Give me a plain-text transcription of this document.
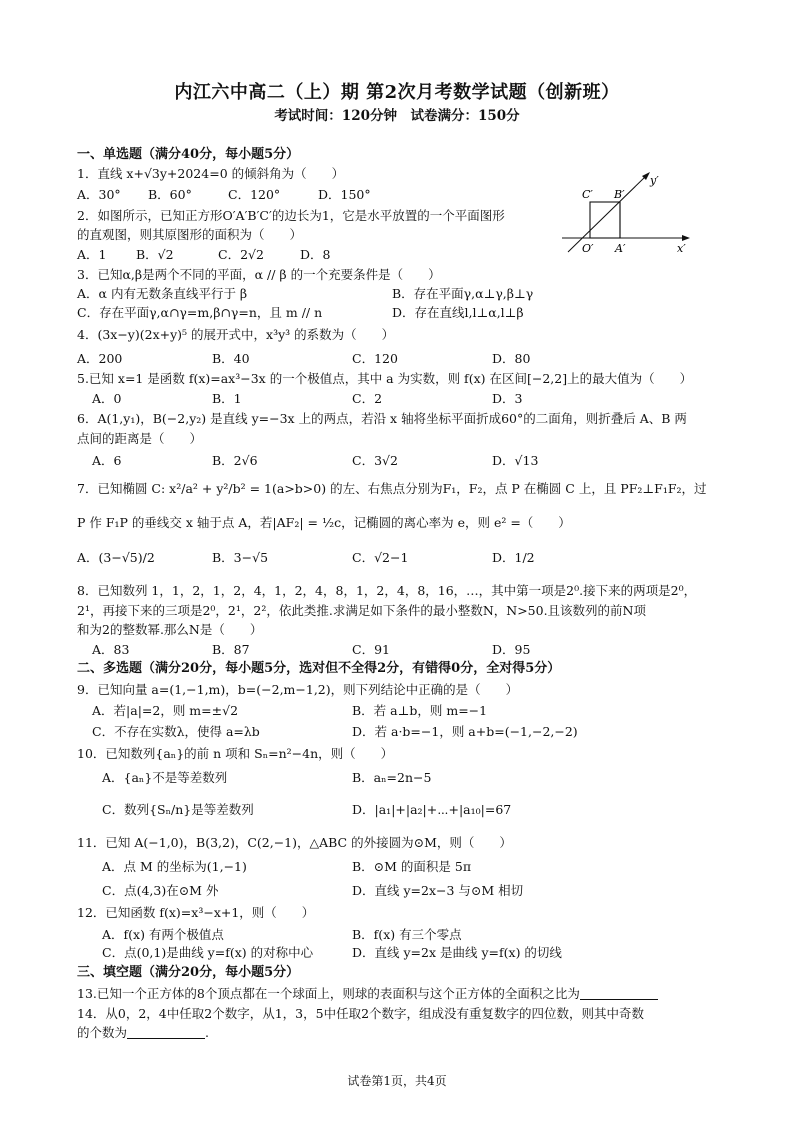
内江六中高二（上）期 第2次月考数学试题（创新班）
考试时间：120分钟　试卷满分：150分
一、单选题（满分40分，每小题5分）
1．直线 x+√3y+2024=0 的倾斜角为（　　）
A．30° B．60°	C．120°	D．150°
2．如图所示，已知正方形O′A′B′C′的边长为1，它是水平放置的一个平面图形
的直观图，则其原图形的面积为（　　）
A．1 B．√2	C．2√2	D．8
C′ B′
O′ A′	x′
y′
3．已知α,β是两个不同的平面，α // β 的一个充要条件是（　　）
A．α 内有无数条直线平行于 β	B．存在平面γ,α⊥γ,β⊥γ
C．存在平面γ,α∩γ=m,β∩γ=n，且 m // n	D．存在直线l,l⊥α,l⊥β
4．(3x−y)(2x+y)⁵ 的展开式中，x³y³ 的系数为（　　）
A．200	B．40	C．120	D．80
5.已知 x=1 是函数 f(x)=ax³−3x 的一个极值点，其中 a 为实数，则 f(x) 在区间[−2,2]上的最大值为（　　）
A．0	B．1	C．2	D．3
6．A(1,y₁)，B(−2,y₂) 是直线 y=−3x 上的两点，若沿 x 轴将坐标平面折成60°的二面角，则折叠后 A、B 两
点间的距离是（　　）
A．6	B．2√6	C．3√2	D．√13
7．已知椭圆 C: x²/a² + y²/b² = 1(a>b>0) 的左、右焦点分别为F₁，F₂，点 P 在椭圆 C 上，且 PF₂⊥F₁F₂，过
P 作 F₁P 的垂线交 x 轴于点 A，若|AF₂| = ½c，记椭圆的离心率为 e，则 e² =（　　）
A．(3−√5)/2	B．3−√5	C．√2−1	D．1/2
8．已知数列 1，1，2，1，2，4，1，2，4，8，1，2，4，8，16，…，其中第一项是2⁰.接下来的两项是2⁰，
2¹，再接下来的三项是2⁰，2¹，2²，依此类推.求满足如下条件的最小整数N，N>50.且该数列的前N项
和为2的整数幂.那么N是（　　）
A．83	B．87	C．91	D．95
二、多选题（满分20分，每小题5分，选对但不全得2分，有错得0分，全对得5分）
9．已知向量 a=(1,−1,m)，b=(−2,m−1,2)，则下列结论中正确的是（　　）
A．若|a|=2，则 m=±√2	B．若 a⊥b，则 m=−1
C．不存在实数λ，使得 a=λb	D．若 a·b=−1，则 a+b=(−1,−2,−2)
10．已知数列{aₙ}的前 n 项和 Sₙ=n²−4n，则（　　）
A．{aₙ}不是等差数列	B．aₙ=2n−5
C．数列{Sₙ/n}是等差数列	D．|a₁|+|a₂|+⋯+|a₁₀|=67
11．已知 A(−1,0)，B(3,2)，C(2,−1)，△ABC 的外接圆为⊙M，则（　　）
A．点 M 的坐标为(1,−1)	B．⊙M 的面积是 5π
C．点(4,3)在⊙M 外	D．直线 y=2x−3 与⊙M 相切
12．已知函数 f(x)=x³−x+1，则（　　）
A．f(x) 有两个极值点	B．f(x) 有三个零点
C．点(0,1)是曲线 y=f(x) 的对称中心	D．直线 y=2x 是曲线 y=f(x) 的切线
三、填空题（满分20分，每小题5分）
13.已知一个正方体的8个顶点都在一个球面上，则球的表面积与这个正方体的全面积之比为
14．从0，2，4中任取2个数字，从1，3，5中任取2个数字，组成没有重复数字的四位数，则其中奇数
的个数为	.
试卷第1页，共4页
